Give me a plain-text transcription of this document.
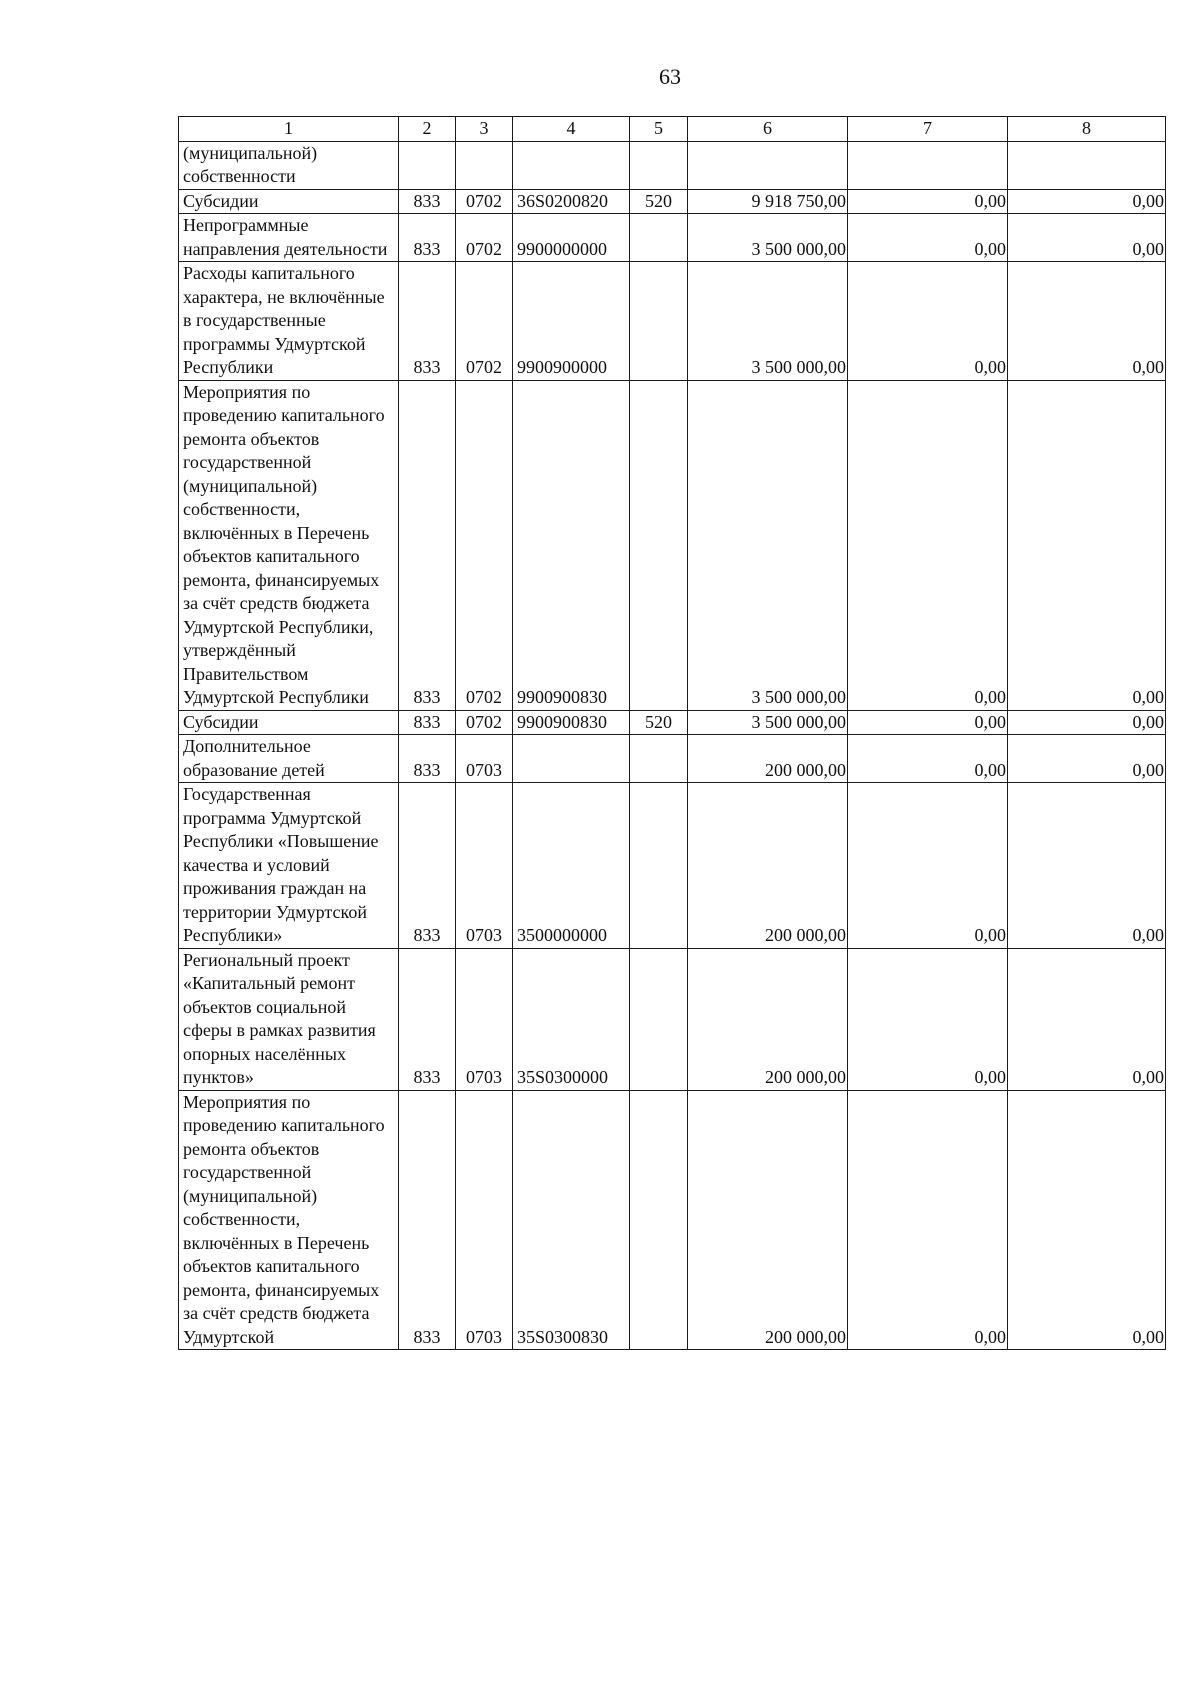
63
1	2	3	4	5	6	7	8
(муниципальной) собственности							
Субсидии	833	0702	36S0200820	520	9 918 750,00	0,00	0,00
Непрограммные направления деятельности	833	0702	9900000000		3 500 000,00	0,00	0,00
Расходы капитального характера, не включённые в государственные программы Удмуртской Республики	833	0702	9900900000		3 500 000,00	0,00	0,00
Мероприятия по проведению капитального ремонта объектов государственной (муниципальной) собственности, включённых в Перечень объектов капитального ремонта, финансируемых за счёт средств бюджета Удмуртской Республики, утверждённый Правительством Удмуртской Республики	833	0702	9900900830		3 500 000,00	0,00	0,00
Субсидии	833	0702	9900900830	520	3 500 000,00	0,00	0,00
Дополнительное образование детей	833	0703			200 000,00	0,00	0,00
Государственная программа Удмуртской Республики «Повышение качества и условий проживания граждан на территории Удмуртской Республики»	833	0703	3500000000		200 000,00	0,00	0,00
Региональный проект «Капитальный ремонт объектов социальной сферы в рамках развития опорных населённых пунктов»	833	0703	35S0300000		200 000,00	0,00	0,00
Мероприятия по проведению капитального ремонта объектов государственной (муниципальной) собственности, включённых в Перечень объектов капитального ремонта, финансируемых за счёт средств бюджета Удмуртской	833	0703	35S0300830		200 000,00	0,00	0,00
